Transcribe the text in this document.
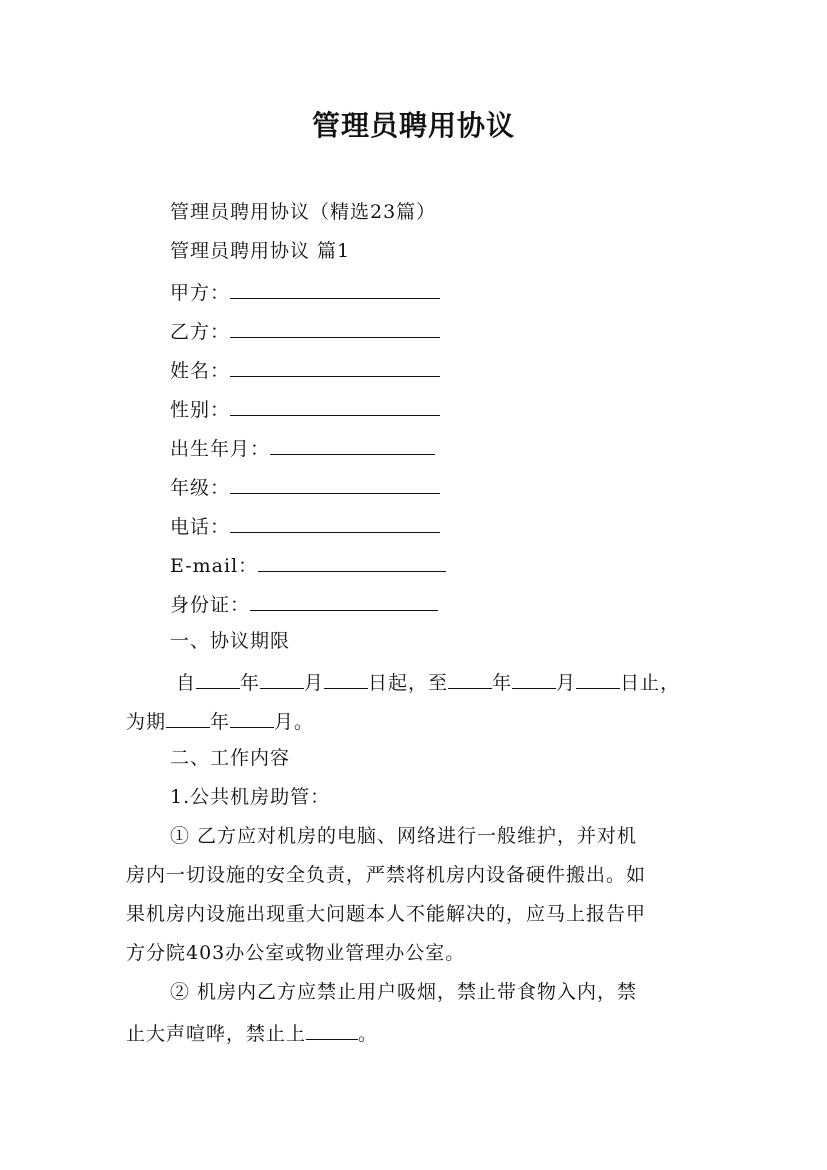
管理员聘用协议
管理员聘用协议（精选23篇）
管理员聘用协议 篇1
甲方：
乙方：
姓名：
性别：
出生年月：
年级：
电话：
E-mail：
身份证：
一、协议期限
自 年 月 日起，至 年 月 日止，
为期 年 月。
二、工作内容
1.公共机房助管：
① 乙方应对机房的电脑、网络进行一般维护，并对机
房内一切设施的安全负责，严禁将机房内设备硬件搬出。如
果机房内设施出现重大问题本人不能解决的，应马上报告甲
方分院403办公室或物业管理办公室。
② 机房内乙方应禁止用户吸烟，禁止带食物入内，禁
止大声喧哗，禁止上	。
